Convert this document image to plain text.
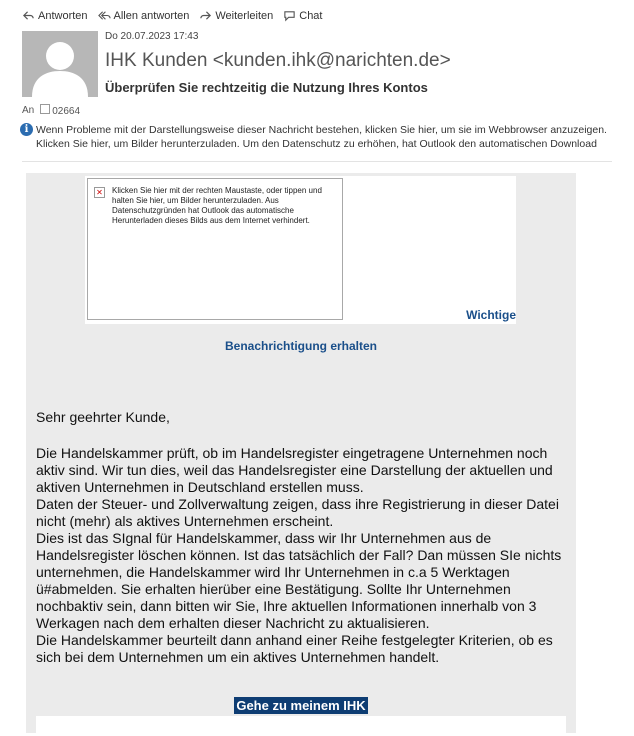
Antworten Allen antworten Weiterleiten Chat
Do 20.07.2023 17:43
IHK Kunden <kunden.ihk@narichten.de>
Überprüfen Sie rechtzeitig die Nutzung Ihres Kontos
An	02664
i Wenn Probleme mit der Darstellungsweise dieser Nachricht bestehen, klicken Sie hier, um sie im Webbrowser anzuzeigen.
Klicken Sie hier, um Bilder herunterzuladen. Um den Datenschutz zu erhöhen, hat Outlook den automatischen Download
✕ Klicken Sie hier mit der rechten Maustaste, oder tippen und halten Sie hier, um Bilder herunterzuladen. Aus Datenschutzgründen hat Outlook das automatische Herunterladen dieses Bilds aus dem Internet verhindert.
Wichtige
Benachrichtigung erhalten
Sehr geehrter Kunde,

Die Handelskammer prüft, ob im Handelsregister eingetragene Unternehmen noch aktiv sind. Wir tun dies, weil das Handelsregister eine Darstellung der aktuellen und aktiven Unternehmen in Deutschland erstellen muss.

Daten der Steuer- und Zollverwaltung zeigen, dass ihre Registrierung in dieser Datei nicht (mehr) als aktives Unternehmen erscheint.

Dies ist das SIgnal für Handelskammer, dass wir Ihr Unternehmen aus de Handelsregister löschen können. Ist das tatsächlich der Fall? Dan müssen SIe nichts unternehmen, die Handelskammer wird Ihr Unternehmen in c.a 5 Werktagen ü#abmelden. Sie erhalten hierüber eine Bestätigung. Sollte Ihr Unternehmen nochbaktiv sein, dann bitten wir Sie, Ihre aktuellen Informationen innerhalb von 3 Werkagen nach dem erhalten dieser Nachricht zu aktualisieren.

Die Handelskammer beurteilt dann anhand einer Reihe festgelegter Kriterien, ob es sich bei dem Unternehmen um ein aktives Unternehmen handelt.

Gehe zu meinem IHK
